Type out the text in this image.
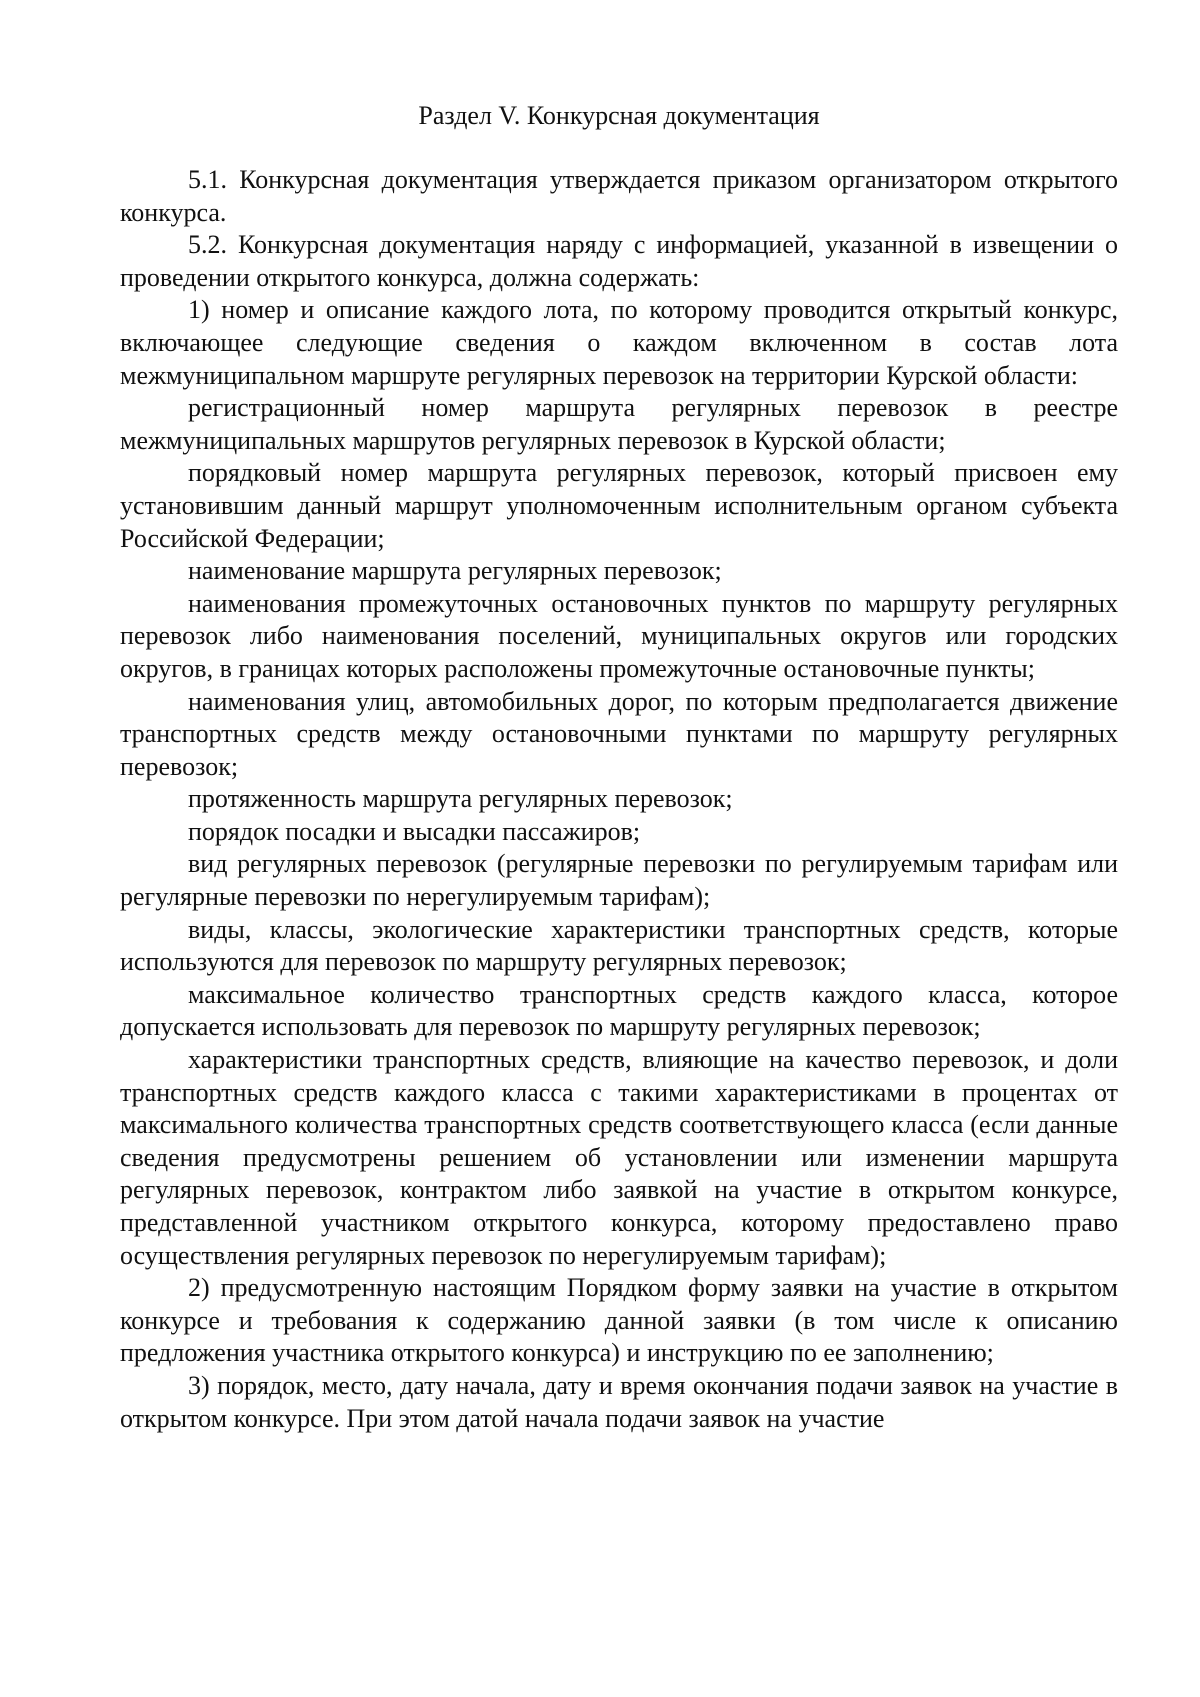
Раздел V. Конкурсная документация

5.1. Конкурсная документация утверждается приказом организатором открытого конкурса.

5.2. Конкурсная документация наряду с информацией, указанной в извещении о проведении открытого конкурса, должна содержать:

1) номер и описание каждого лота, по которому проводится открытый конкурс, включающее следующие сведения о каждом включенном в состав лота межмуниципальном маршруте регулярных перевозок на территории Курской области:

регистрационный номер маршрута регулярных перевозок в реестре межмуниципальных маршрутов регулярных перевозок в Курской области;

порядковый номер маршрута регулярных перевозок, который присвоен ему установившим данный маршрут уполномоченным исполнительным органом субъекта Российской Федерации;

наименование маршрута регулярных перевозок;

наименования промежуточных остановочных пунктов по маршруту регулярных перевозок либо наименования поселений, муниципальных округов или городских округов, в границах которых расположены промежуточные остановочные пункты;

наименования улиц, автомобильных дорог, по которым предполагается движение транспортных средств между остановочными пунктами по маршруту регулярных перевозок;

протяженность маршрута регулярных перевозок;

порядок посадки и высадки пассажиров;

вид регулярных перевозок (регулярные перевозки по регулируемым тарифам или регулярные перевозки по нерегулируемым тарифам);

виды, классы, экологические характеристики транспортных средств, которые используются для перевозок по маршруту регулярных перевозок;

максимальное количество транспортных средств каждого класса, которое допускается использовать для перевозок по маршруту регулярных перевозок;

характеристики транспортных средств, влияющие на качество перевозок, и доли транспортных средств каждого класса с такими характеристиками в процентах от максимального количества транспортных средств соответствующего класса (если данные сведения предусмотрены решением об установлении или изменении маршрута регулярных перевозок, контрактом либо заявкой на участие в открытом конкурсе, представленной участником открытого конкурса, которому предоставлено право осуществления регулярных перевозок по нерегулируемым тарифам);

2) предусмотренную настоящим Порядком форму заявки на участие в открытом конкурсе и требования к содержанию данной заявки (в том числе к описанию предложения участника открытого конкурса) и инструкцию по ее заполнению;

3) порядок, место, дату начала, дату и время окончания подачи заявок на участие в открытом конкурсе. При этом датой начала подачи заявок на участие
